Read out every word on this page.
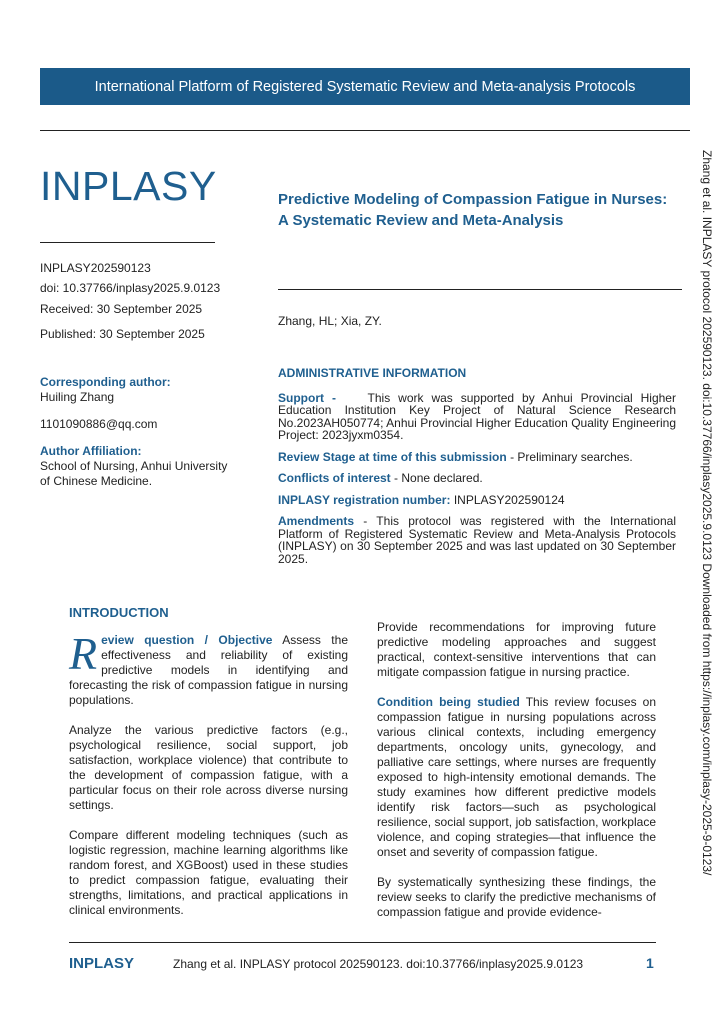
International Platform of Registered Systematic Review and Meta-analysis Protocols
INPLASY
INPLASY202590123
doi: 10.37766/inplasy2025.9.0123
Received: 30 September 2025
Published: 30 September 2025
Corresponding author:
Huiling Zhang
1101090886@qq.com
Author Affiliation:
School of Nursing, Anhui University of Chinese Medicine.
Predictive Modeling of Compassion Fatigue in Nurses: A Systematic Review and Meta-Analysis
Zhang, HL; Xia, ZY.

ADMINISTRATIVE INFORMATION

Support -	This work was supported by Anhui Provincial Higher Education Institution Key Project of Natural Science Research No.2023AH050774; Anhui Provincial Higher Education Quality Engineering Project: 2023jyxm0354.

Review Stage at time of this submission - Preliminary searches.

Conflicts of interest - None declared.

INPLASY registration number: INPLASY202590124

Amendments - This protocol was registered with the International Platform of Registered Systematic Review and Meta-Analysis Protocols (INPLASY) on 30 September 2025 and was last updated on 30 September 2025.

INTRODUCTION

Review question / Objective Assess the effectiveness and reliability of existing predictive models in identifying and forecasting the risk of compassion fatigue in nursing populations.

Analyze the various predictive factors (e.g., psychological resilience, social support, job satisfaction, workplace violence) that contribute to the development of compassion fatigue, with a particular focus on their role across diverse nursing settings.

Compare different modeling techniques (such as logistic regression, machine learning algorithms like random forest, and XGBoost) used in these studies to predict compassion fatigue, evaluating their strengths, limitations, and practical applications in clinical environments.

Provide recommendations for improving future predictive modeling approaches and suggest practical, context-sensitive interventions that can mitigate compassion fatigue in nursing practice.

Condition being studied This review focuses on compassion fatigue in nursing populations across various clinical contexts, including emergency departments, oncology units, gynecology, and palliative care settings, where nurses are frequently exposed to high-intensity emotional demands. The study examines how different predictive models identify risk factors—such as psychological resilience, social support, job satisfaction, workplace violence, and coping strategies—that influence the onset and severity of compassion fatigue.

By systematically synthesizing these findings, the review seeks to clarify the predictive mechanisms of compassion fatigue and provide evidence-

Zhang et al. INPLASY protocol 202590123. doi:10.37766/inplasy2025.9.0123 Downloaded from https://inplasy.com/inplasy-2025-9-0123/
INPLASY	Zhang et al. INPLASY protocol 202590123. doi:10.37766/inplasy2025.9.0123	1
